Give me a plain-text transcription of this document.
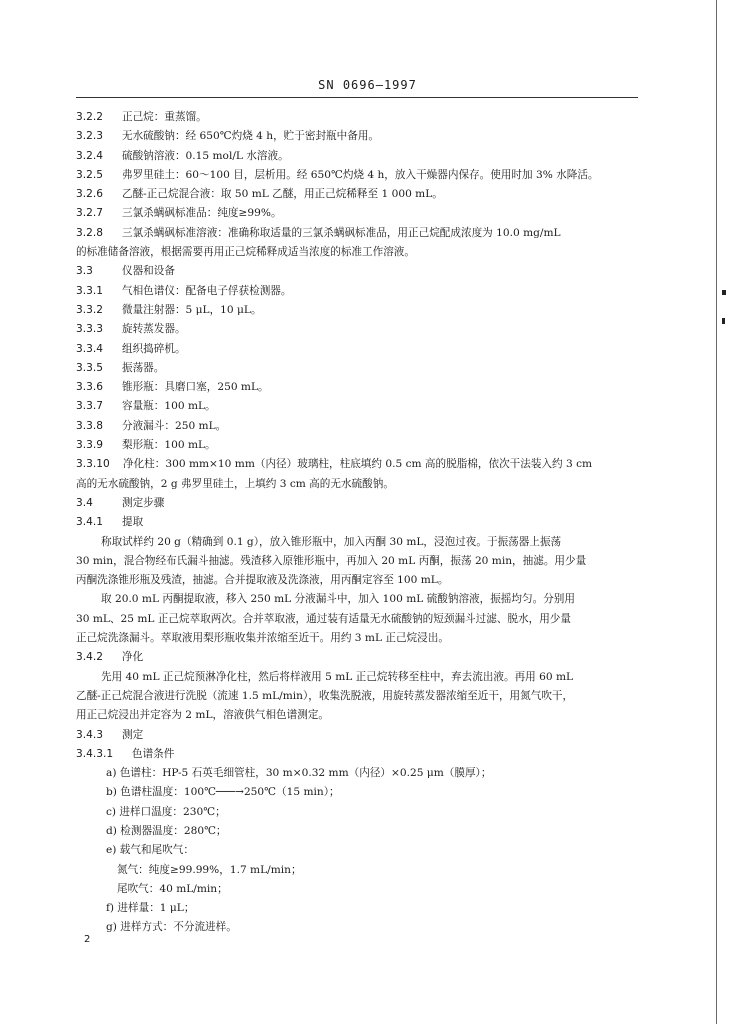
SN 0696—1997
3.2.2 正己烷：重蒸馏。
3.2.3 无水硫酸钠：经 650℃灼烧 4 h，贮于密封瓶中备用。
3.2.4 硫酸钠溶液：0.15 mol/L 水溶液。
3.2.5 弗罗里硅土：60～100 目，层析用。经 650℃灼烧 4 h，放入干燥器内保存。使用时加 3% 水降活。
3.2.6 乙醚-正己烷混合液：取 50 mL 乙醚，用正己烷稀释至 1 000 mL。
3.2.7 三氯杀螨砜标准品：纯度≥99%。
3.2.8 三氯杀螨砜标准溶液：准确称取适量的三氯杀螨砜标准品，用正己烷配成浓度为 10.0 mg/mL
的标准储备溶液，根据需要再用正己烷稀释成适当浓度的标准工作溶液。
3.3	仪器和设备
3.3.1 气相色谱仪：配备电子俘获检测器。
3.3.2 微量注射器：5 μL，10 μL。
3.3.3 旋转蒸发器。
3.3.4 组织捣碎机。
3.3.5 振荡器。
3.3.6 锥形瓶：具磨口塞，250 mL。
3.3.7 容量瓶：100 mL。
3.3.8 分液漏斗：250 mL。
3.3.9 梨形瓶：100 mL。
3.3.10 净化柱：300 mm×10 mm（内径）玻璃柱，柱底填约 0.5 cm 高的脱脂棉，依次干法装入约 3 cm
高的无水硫酸钠，2 g 弗罗里硅土，上填约 3 cm 高的无水硫酸钠。
3.4	测定步骤
3.4.1 提取
称取试样约 20 g（精确到 0.1 g），放入锥形瓶中，加入丙酮 30 mL，浸泡过夜。于振荡器上振荡
30 min，混合物经布氏漏斗抽滤。残渣移入原锥形瓶中，再加入 20 mL 丙酮，振荡 20 min，抽滤。用少量
丙酮洗涤锥形瓶及残渣，抽滤。合并提取液及洗涤液，用丙酮定容至 100 mL。
取 20.0 mL 丙酮提取液，移入 250 mL 分液漏斗中，加入 100 mL 硫酸钠溶液，振摇均匀。分别用
30 mL、25 mL 正己烷萃取两次。合并萃取液，通过装有适量无水硫酸钠的短颈漏斗过滤、脱水，用少量
正己烷洗涤漏斗。萃取液用梨形瓶收集并浓缩至近干。用约 3 mL 正己烷浸出。
3.4.2 净化
先用 40 mL 正己烷预淋净化柱，然后将样液用 5 mL 正己烷转移至柱中，弃去流出液。再用 60 mL
乙醚-正己烷混合液进行洗脱（流速 1.5 mL/min），收集洗脱液，用旋转蒸发器浓缩至近干，用氮气吹干，
用正己烷浸出并定容为 2 mL，溶液供气相色谱测定。
3.4.3 测定
3.4.3.1 色谱条件
a) 色谱柱：HP-5 石英毛细管柱，30 m×0.32 mm（内径）×0.25 μm（膜厚）；
b) 色谱柱温度：100℃
───→250℃（15 min）；
c) 进样口温度：230℃；
d) 检测器温度：280℃；
e) 载气和尾吹气：
氮气：纯度≥99.99%，1.7 mL/min；
尾吹气：40 mL/min；
f) 进样量：1 μL；
g) 进样方式：不分流进样。
2
